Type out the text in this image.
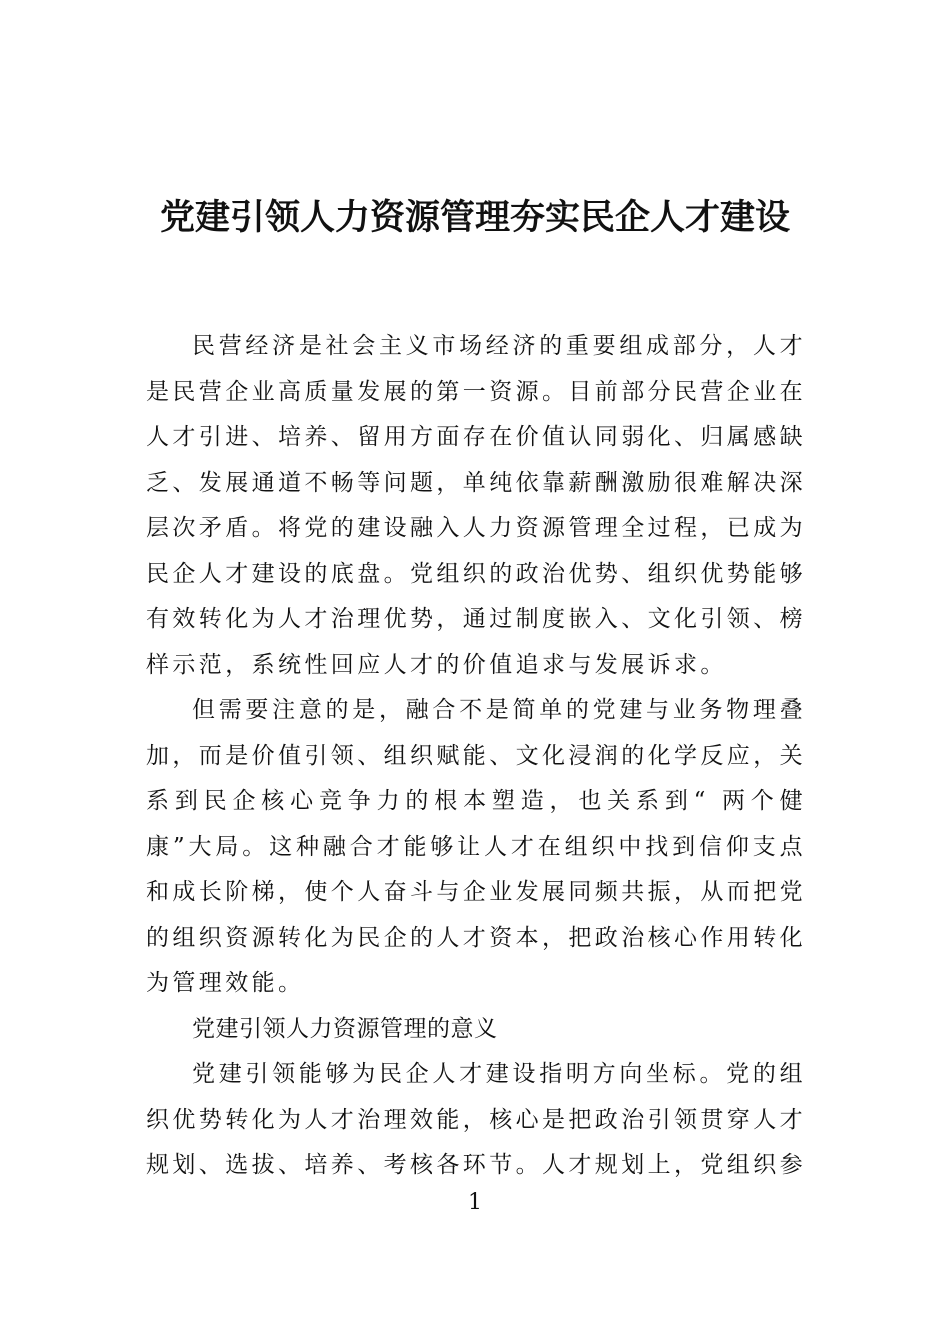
党建引领人力资源管理夯实民企人才建设

民营经济是社会主义市场经济的重要组成部分，人才是民营企业高质量发展的第一资源。目前部分民营企业在人才引进、培养、留用方面存在价值认同弱化、归属感缺乏、发展通道不畅等问题，单纯依靠薪酬激励很难解决深层次矛盾。将党的建设融入人力资源管理全过程，已成为民企人才建设的底盘。党组织的政治优势、组织优势能够有效转化为人才治理优势，通过制度嵌入、文化引领、榜样示范，系统性回应人才的价值追求与发展诉求。

但需要注意的是，融合不是简单的党建与业务物理叠加，而是价值引领、组织赋能、文化浸润的化学反应，关系到民企核心竞争力的根本塑造，也关系到“ 两个健康”大局。这种融合才能够让人才在组织中找到信仰支点和成长阶梯，使个人奋斗与企业发展同频共振，从而把党的组织资源转化为民企的人才资本，把政治核心作用转化为管理效能。

党建引领人力资源管理的意义

党建引领能够为民企人才建设指明方向坐标。党的组织优势转化为人才治理效能，核心是把政治引领贯穿人才规划、选拔、培养、考核各环节。人才规划上，党组织参

1
